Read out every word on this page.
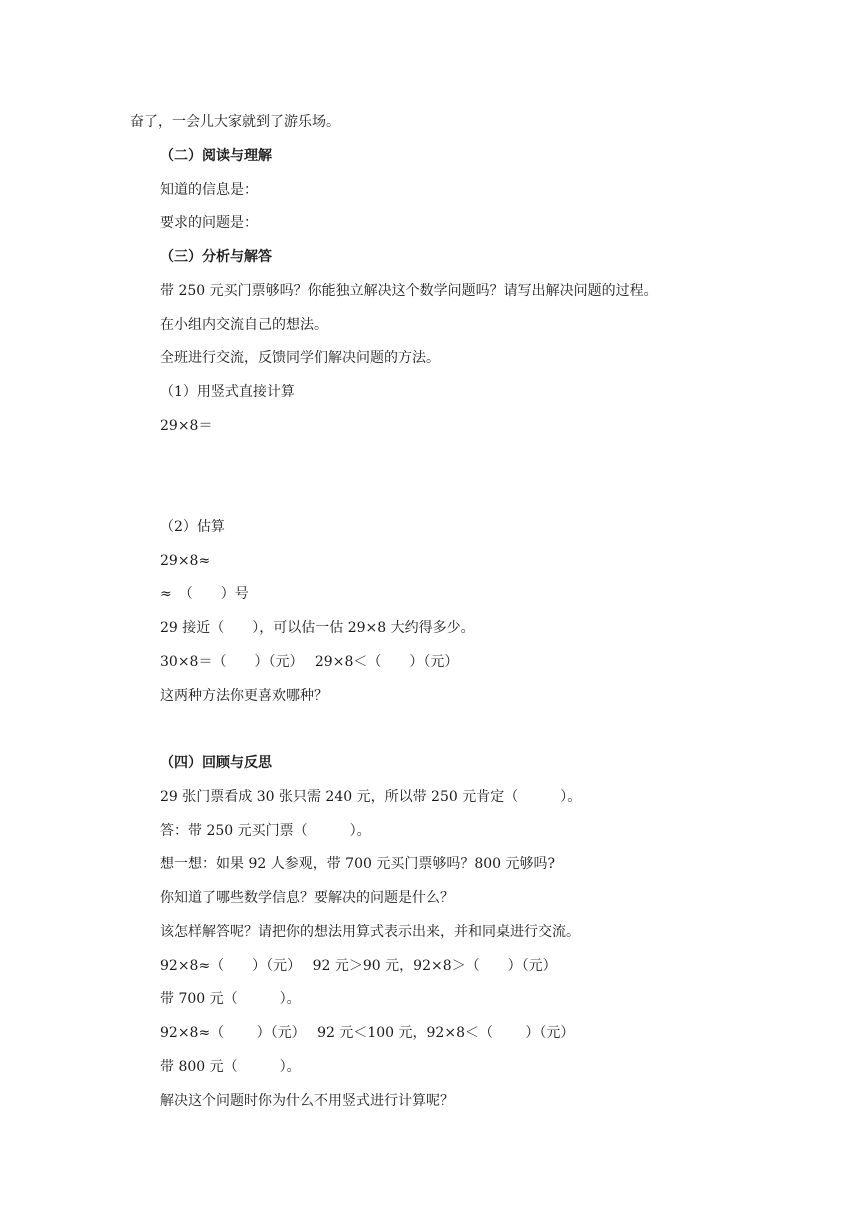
奋了，一会儿大家就到了游乐场。
（二）阅读与理解
知道的信息是：
要求的问题是：
（三）分析与解答
带 250 元买门票够吗？你能独立解决这个数学问题吗？请写出解决问题的过程。
在小组内交流自己的想法。
全班进行交流，反馈同学们解决问题的方法。
（1）用竖式直接计算
29×8＝
（2）估算
29×8≈
≈　（　　）号
29 接近（　　），可以估一估 29×8 大约得多少。
30×8＝（　　）（元）　 29×8＜（　　）（元）
这两种方法你更喜欢哪种？
（四）回顾与反思
29 张门票看成 30 张只需 240 元，所以带 250 元肯定（　　　）。
答：带 250 元买门票（　　　）。
想一想：如果 92 人参观，带 700 元买门票够吗？800 元够吗?
你知道了哪些数学信息？要解决的问题是什么？
该怎样解答呢？请把你的想法用算式表示出来，并和同桌进行交流。
92×8≈（　　）（元）　 92 元＞90 元，92×8＞（　　）（元）
带 700 元（　　　）。
92×8≈（　　 ）（元）　 92 元＜100 元，92×8＜（　　 ）（元）
带 800 元（　　　）。
解决这个问题时你为什么不用竖式进行计算呢？
